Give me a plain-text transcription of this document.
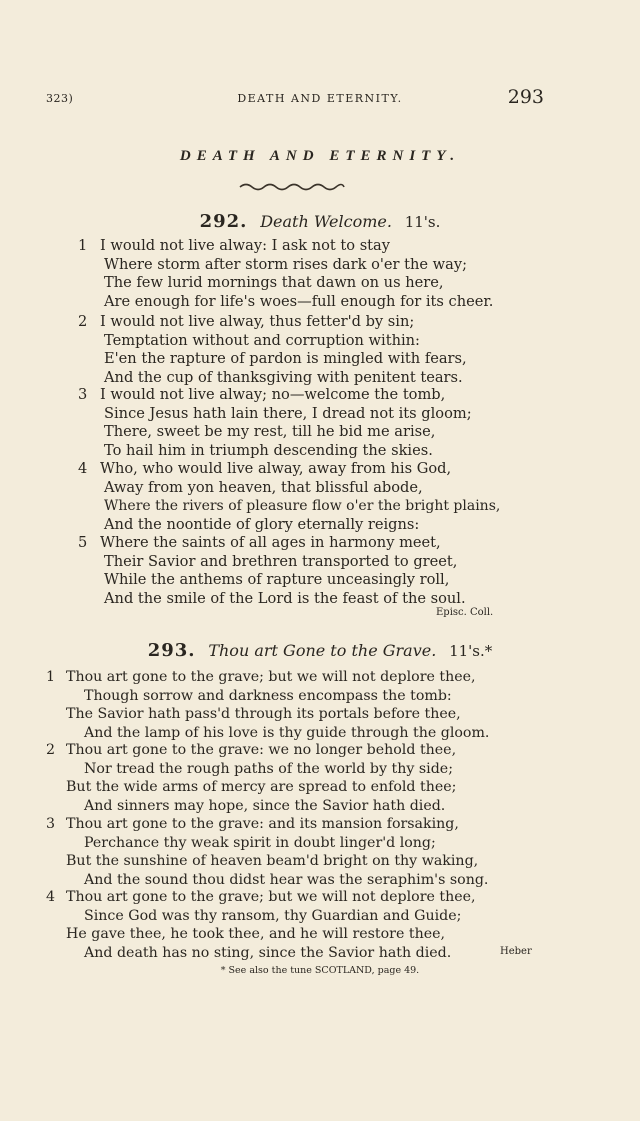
323)	DEATH AND ETERNITY.	293
DEATH AND ETERNITY.
292. Death Welcome. 11's.
1 I would not live alway: I ask not to stay
Where storm after storm rises dark o'er the way;
The few lurid mornings that dawn on us here,
Are enough for life's woes—full enough for its cheer.
2 I would not live alway, thus fetter'd by sin;
Temptation without and corruption within:
E'en the rapture of pardon is mingled with fears,
And the cup of thanksgiving with penitent tears.
3 I would not live alway; no—welcome the tomb,
Since Jesus hath lain there, I dread not its gloom;
There, sweet be my rest, till he bid me arise,
To hail him in triumph descending the skies.
4 Who, who would live alway, away from his God,
Away from yon heaven, that blissful abode,
Where the rivers of pleasure flow o'er the bright plains,
And the noontide of glory eternally reigns:
5 Where the saints of all ages in harmony meet,
Their Savior and brethren transported to greet,
While the anthems of rapture unceasingly roll,
And the smile of the Lord is the feast of the soul.
Episc. Coll.
293. Thou art Gone to the Grave. 11's.*
1 Thou art gone to the grave; but we will not deplore thee,
Though sorrow and darkness encompass the tomb:
The Savior hath pass'd through its portals before thee,
And the lamp of his love is thy guide through the gloom.
2 Thou art gone to the grave: we no longer behold thee,
Nor tread the rough paths of the world by thy side;
But the wide arms of mercy are spread to enfold thee;
And sinners may hope, since the Savior hath died.
3 Thou art gone to the grave: and its mansion forsaking,
Perchance thy weak spirit in doubt linger'd long;
But the sunshine of heaven beam'd bright on thy waking,
And the sound thou didst hear was the seraphim's song.
4 Thou art gone to the grave; but we will not deplore thee,
Since God was thy ransom, thy Guardian and Guide;
He gave thee, he took thee, and he will restore thee,
And death has no sting, since the Savior hath died.	Heber
* See also the tune SCOTLAND, page 49.
